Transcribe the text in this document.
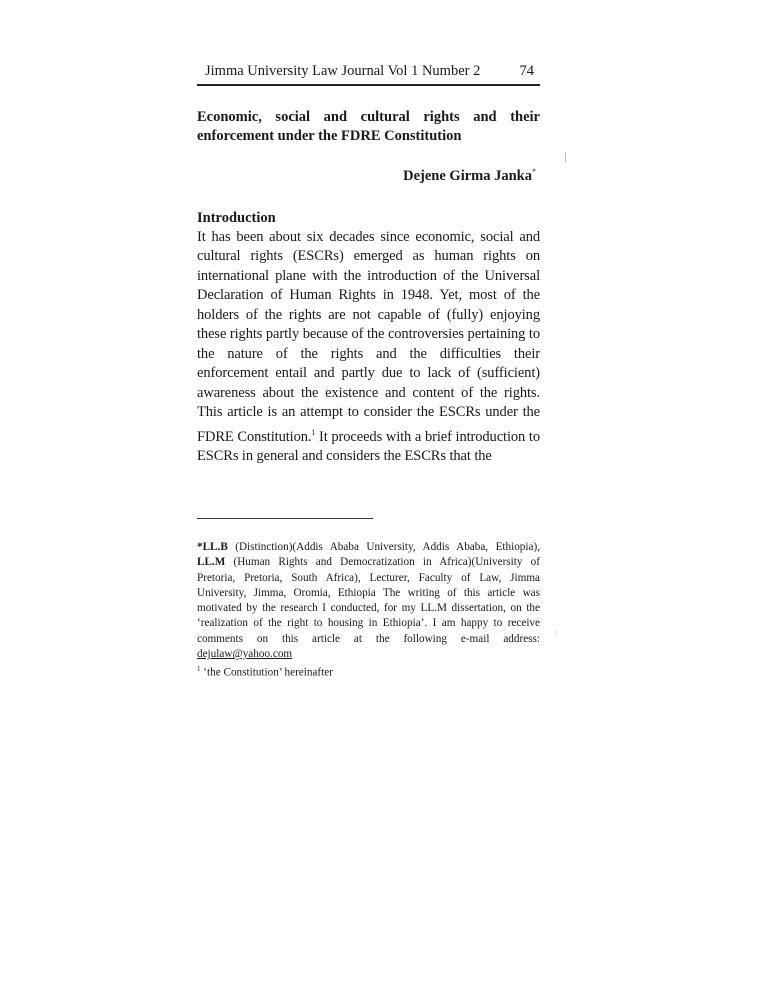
Jimma University Law Journal Vol 1 Number 2	74
Economic, social and cultural rights and their enforcement under the FDRE Constitution
Dejene Girma Janka*
Introduction

It has been about six decades since economic, social and cultural rights (ESCRs) emerged as human rights on international plane with the introduction of the Universal Declaration of Human Rights in 1948. Yet, most of the holders of the rights are not capable of (fully) enjoying these rights partly because of the controversies pertaining to the nature of the rights and the difficulties their enforcement entail and partly due to lack of (sufficient) awareness about the existence and content of the rights. This article is an attempt to consider the ESCRs under the FDRE Constitution.$^1$ It proceeds with a brief introduction to ESCRs in general and considers the ESCRs that the

*LL.B (Distinction)(Addis Ababa University, Addis Ababa, Ethiopia), LL.M (Human Rights and Democratization in Africa)(University of Pretoria, Pretoria, South Africa), Lecturer, Faculty of Law, Jimma University, Jimma, Oromia, Ethiopia The writing of this article was motivated by the research I conducted, for my LL.M dissertation, on the ‘realization of the right to housing in Ethiopia’. I am happy to receive comments on this article at the following e-mail address: dejulaw@yahoo.com

$^1$ ‘the Constitution’ hereinafter
